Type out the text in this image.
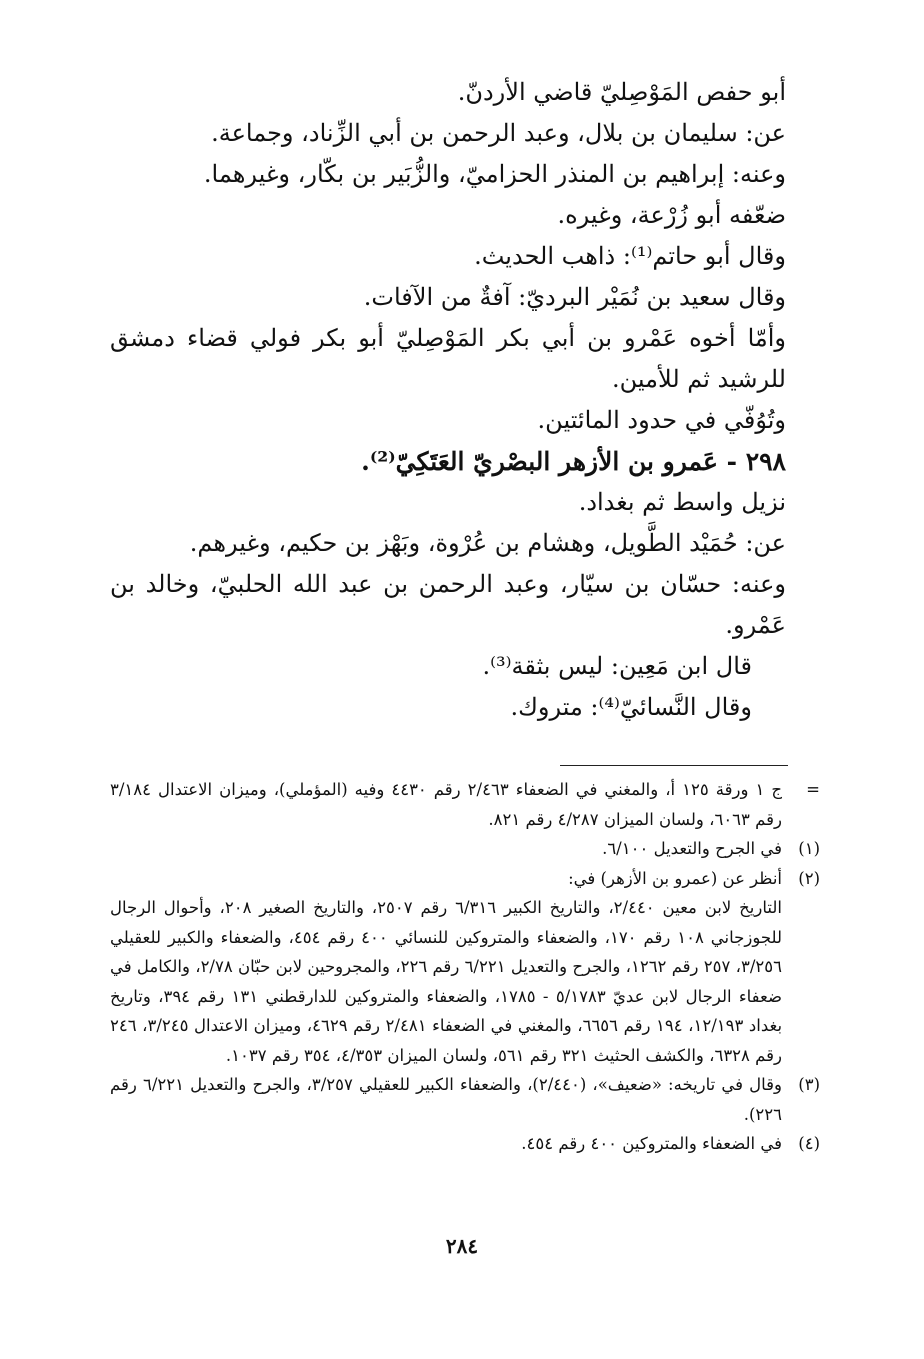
أبو حفص المَوْصِليّ قاضي الأردنّ.

عن: سليمان بن بلال، وعبد الرحمن بن أبي الزِّناد، وجماعة.

وعنه: إبراهيم بن المنذر الحزاميّ، والزُّبَير بن بكّار، وغيرهما.

ضعّفه أبو زُرْعة، وغيره.

وقال أبو حاتم⁽¹⁾: ذاهب الحديث.

وقال سعيد بن نُمَيْر البرديّ: آفةٌ من الآفات.

وأمّا أخوه عَمْرو بن أبي بكر المَوْصِليّ أبو بكر فولي قضاء دمشق للرشيد ثم للأمين.

وتُوُفّي في حدود المائتين.

٢٩٨ - عَمرو بن الأزهر البصْريّ العَتَكِيّ⁽²⁾.

نزيل واسط ثم بغداد.

عن: حُمَيْد الطَّويل، وهشام بن عُرْوة، وبَهْز بن حكيم، وغيرهم.

وعنه: حسّان بن سيّار، وعبد الرحمن بن عبد الله الحلبيّ، وخالد بن عَمْرو.

قال ابن مَعِين: ليس بثقة⁽³⁾.

وقال النَّسائيّ⁽⁴⁾: متروك.

=

ج ١ ورقة ١٢٥ أ، والمغني في الضعفاء ٢/٤٦٣ رقم ٤٤٣٠ وفيه (المؤملي)، وميزان الاعتدال ٣/١٨٤ رقم ٦٠٦٣، ولسان الميزان ٤/٢٨٧ رقم ٨٢١.

(١)

في الجرح والتعديل ٦/١٠٠.

(٢)

أنظر عن (عمرو بن الأزهر) في:

التاريخ لابن معين ٢/٤٤٠، والتاريخ الكبير ٦/٣١٦ رقم ٢٥٠٧، والتاريخ الصغير ٢٠٨، وأحوال الرجال للجوزجاني ١٠٨ رقم ١٧٠، والضعفاء والمتروكين للنسائي ٤٠٠ رقم ٤٥٤، والضعفاء والكبير للعقيلي ٣/٢٥٦، ٢٥٧ رقم ١٢٦٢، والجرح والتعديل ٦/٢٢١ رقم ٢٢٦، والمجروحين لابن حبّان ٢/٧٨، والكامل في ضعفاء الرجال لابن عديّ ٥/١٧٨٣ - ١٧٨٥، والضعفاء والمتروكين للدارقطني ١٣١ رقم ٣٩٤، وتاريخ بغداد ١٢/١٩٣، ١٩٤ رقم ٦٦٥٦، والمغني في الضعفاء ٢/٤٨١ رقم ٤٦٢٩، وميزان الاعتدال ٣/٢٤٥، ٢٤٦ رقم ٦٣٢٨، والكشف الحثيث ٣٢١ رقم ٥٦١، ولسان الميزان ٤/٣٥٣، ٣٥٤ رقم ١٠٣٧.

(٣)

وقال في تاريخه: «ضعيف»، (٢/٤٤٠)، والضعفاء الكبير للعقيلي ٣/٢٥٧، والجرح والتعديل ٦/٢٢١ رقم ٢٢٦).

(٤)

في الضعفاء والمتروكين ٤٠٠ رقم ٤٥٤.

٢٨٤
